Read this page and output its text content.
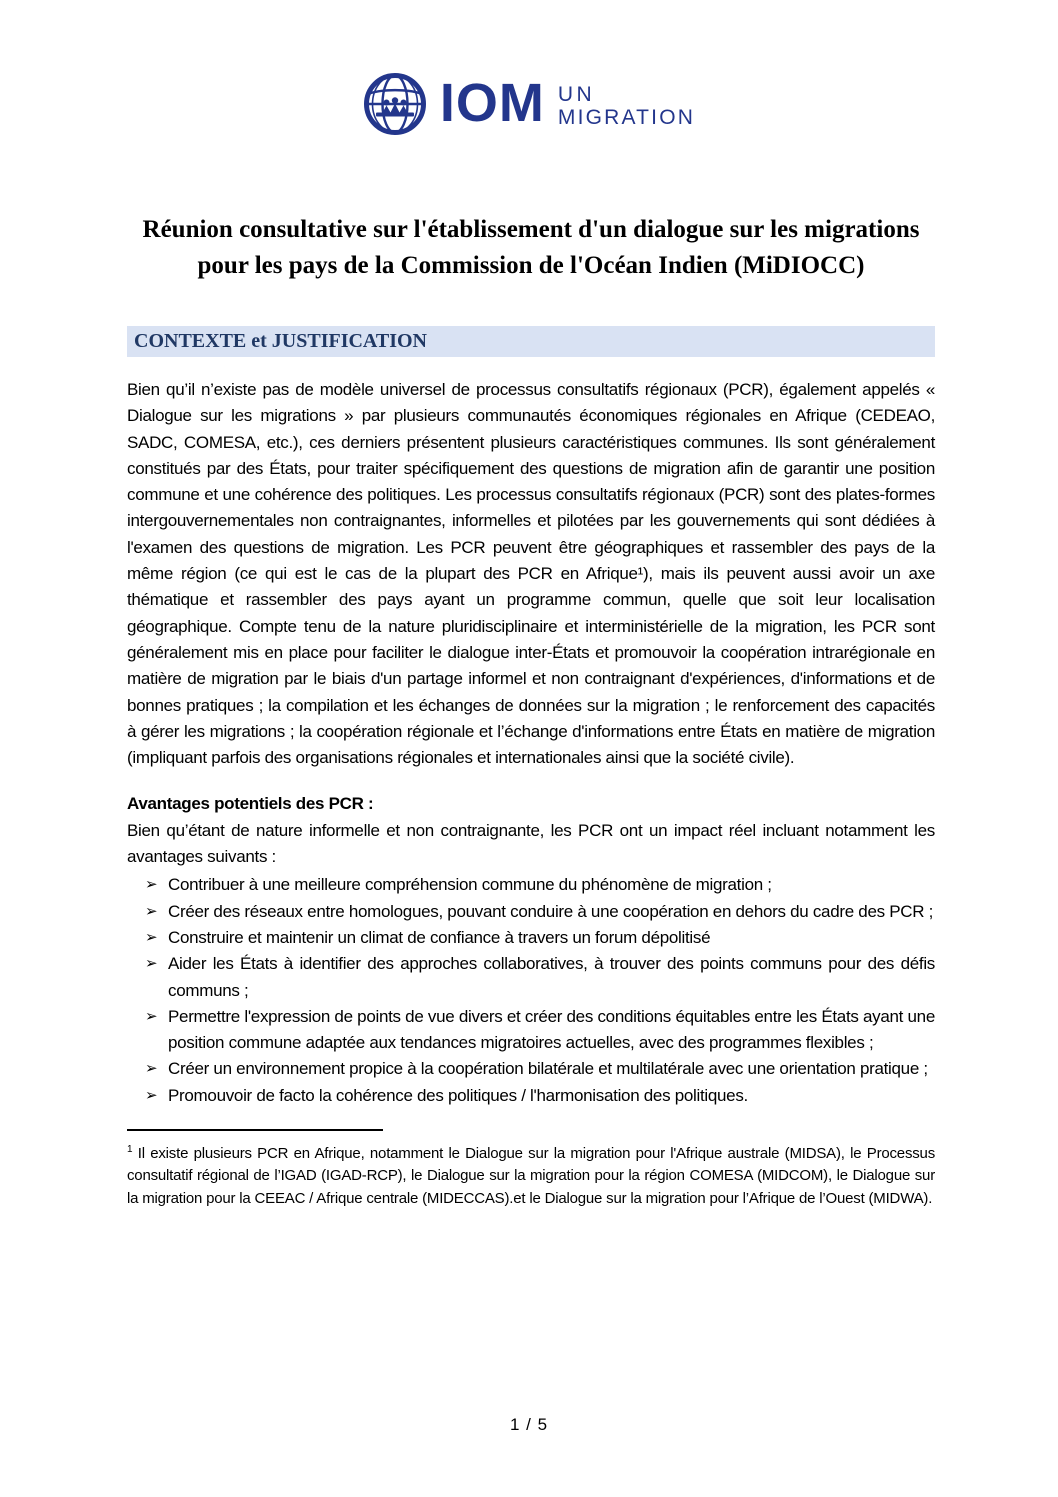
IOM UN
MIGRATION
Réunion consultative sur l'établissement d'un dialogue sur les migrations
pour les pays de la Commission de l'Océan Indien (MiDIOCC)
CONTEXTE et JUSTIFICATION

Bien qu’il n’existe pas de modèle universel de processus consultatifs régionaux (PCR), également appelés « Dialogue sur les migrations » par plusieurs communautés économiques régionales en Afrique (CEDEAO, SADC, COMESA, etc.), ces derniers présentent plusieurs caractéristiques communes. Ils sont généralement constitués par des États, pour traiter spécifiquement des questions de migration afin de garantir une position commune et une cohérence des politiques. Les processus consultatifs régionaux (PCR) sont des plates-formes intergouvernementales non contraignantes, informelles et pilotées par les gouvernements qui sont dédiées à l'examen des questions de migration. Les PCR peuvent être géographiques et rassembler des pays de la même région (ce qui est le cas de la plupart des PCR en Afrique¹), mais ils peuvent aussi avoir un axe thématique et rassembler des pays ayant un programme commun, quelle que soit leur localisation géographique. Compte tenu de la nature pluridisciplinaire et interministérielle de la migration, les PCR sont généralement mis en place pour faciliter le dialogue inter-États et promouvoir la coopération intrarégionale en matière de migration par le biais d'un partage informel et non contraignant d'expériences, d'informations et de bonnes pratiques ; la compilation et les échanges de données sur la migration ; le renforcement des capacités à gérer les migrations ; la coopération régionale et l’échange d'informations entre États en matière de migration (impliquant parfois des organisations régionales et internationales ainsi que la société civile).

Avantages potentiels des PCR :

Bien qu’étant de nature informelle et non contraignante, les PCR ont un impact réel incluant notamment les avantages suivants :

➢ Contribuer à une meilleure compréhension commune du phénomène de migration ;
➢ Créer des réseaux entre homologues, pouvant conduire à une coopération en dehors du cadre des PCR ;
➢ Construire et maintenir un climat de confiance à travers un forum dépolitisé
➢ Aider les États à identifier des approches collaboratives, à trouver des points communs pour des défis communs ;
➢ Permettre l'expression de points de vue divers et créer des conditions équitables entre les États ayant une position commune adaptée aux tendances migratoires actuelles, avec des programmes flexibles ;
➢ Créer un environnement propice à la coopération bilatérale et multilatérale avec une orientation pratique ;
➢ Promouvoir de facto la cohérence des politiques / l'harmonisation des politiques.

$^1$ Il existe plusieurs PCR en Afrique, notamment le Dialogue sur la migration pour l'Afrique australe (MIDSA), le Processus consultatif régional de l’IGAD (IGAD-RCP), le Dialogue sur la migration pour la région COMESA (MIDCOM), le Dialogue sur la migration pour la CEEAC / Afrique centrale (MIDECCAS).et le Dialogue sur la migration pour l’Afrique de l’Ouest (MIDWA).

1 / 5
